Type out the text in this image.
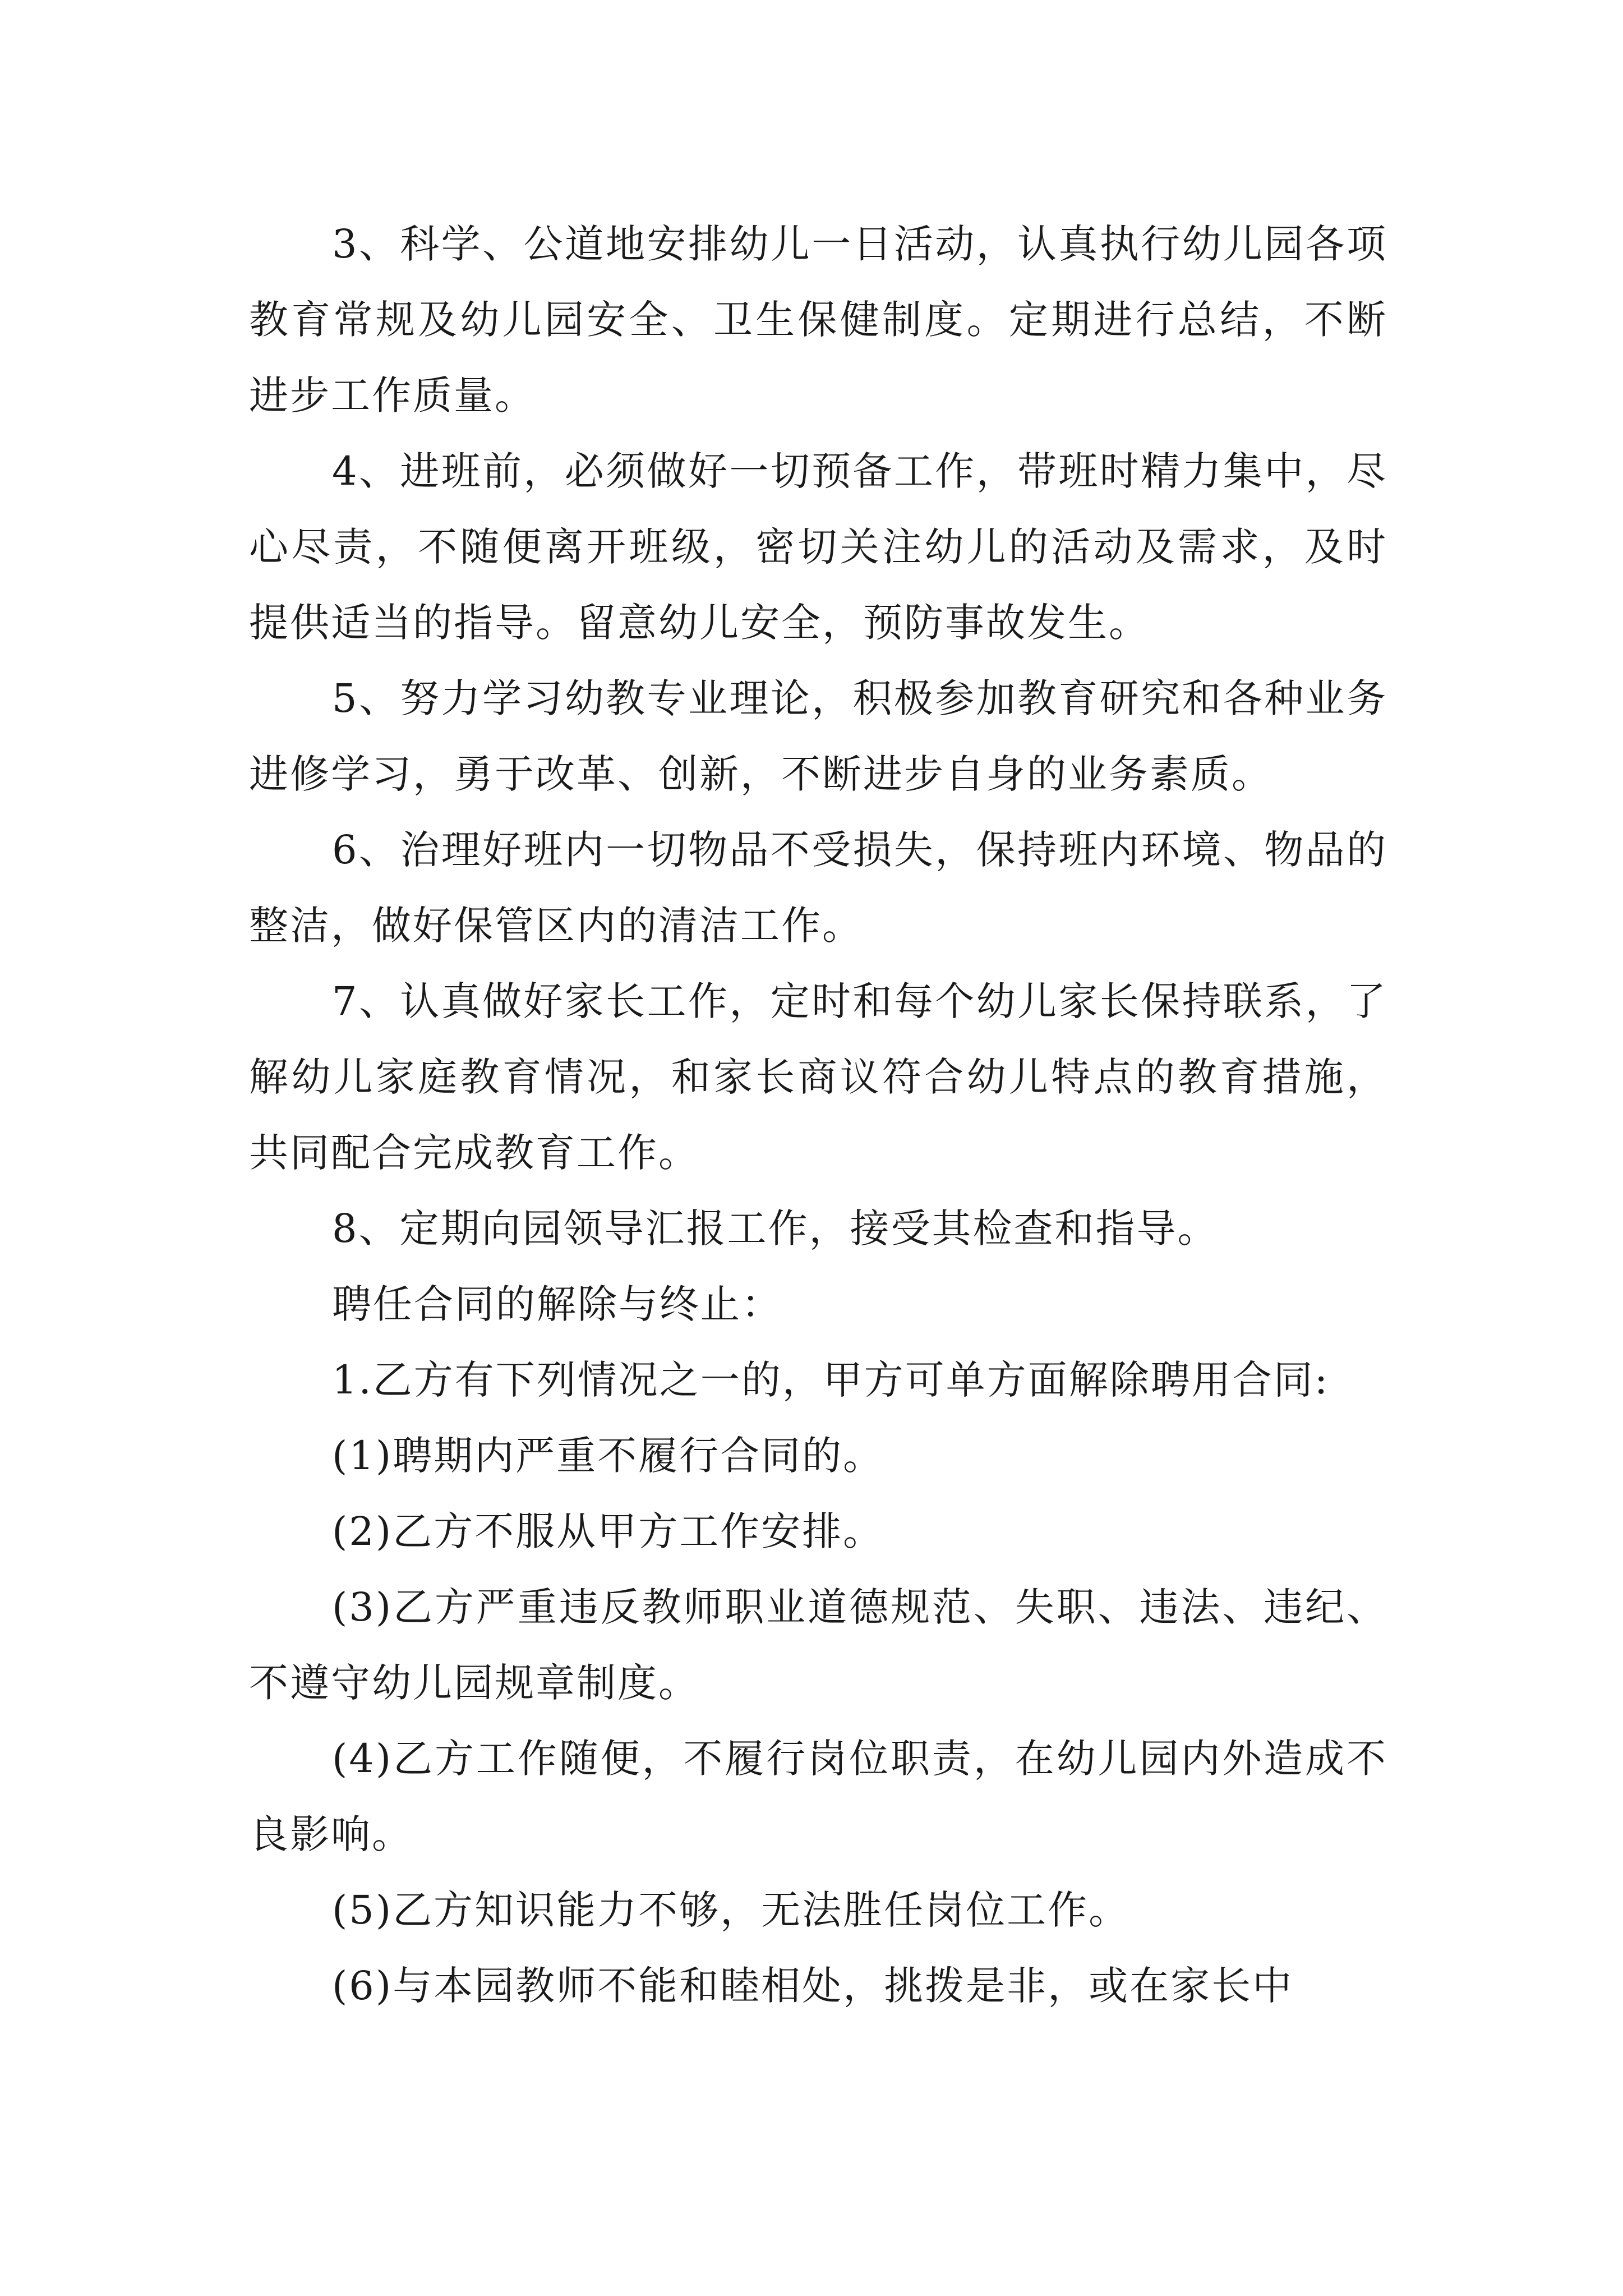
3、科学、公道地安排幼儿一日活动，认真执行幼儿园各项教育常规及幼儿园安全、卫生保健制度。定期进行总结，不断进步工作质量。

4、进班前，必须做好一切预备工作，带班时精力集中，尽心尽责，不随便离开班级，密切关注幼儿的活动及需求，及时提供适当的指导。留意幼儿安全，预防事故发生。

5、努力学习幼教专业理论，积极参加教育研究和各种业务进修学习，勇于改革、创新，不断进步自身的业务素质。

6、治理好班内一切物品不受损失，保持班内环境、物品的整洁，做好保管区内的清洁工作。

7、认真做好家长工作，定时和每个幼儿家长保持联系，了解幼儿家庭教育情况，和家长商议符合幼儿特点的教育措施，共同配合完成教育工作。

8、定期向园领导汇报工作，接受其检查和指导。

聘任合同的解除与终止：

1.乙方有下列情况之一的，甲方可单方面解除聘用合同:

(1)聘期内严重不履行合同的。

(2)乙方不服从甲方工作安排。

(3)乙方严重违反教师职业道德规范、失职、违法、违纪、不遵守幼儿园规章制度。

(4)乙方工作随便，不履行岗位职责，在幼儿园内外造成不良影响。

(5)乙方知识能力不够，无法胜任岗位工作。

(6)与本园教师不能和睦相处，挑拨是非，或在家长中
